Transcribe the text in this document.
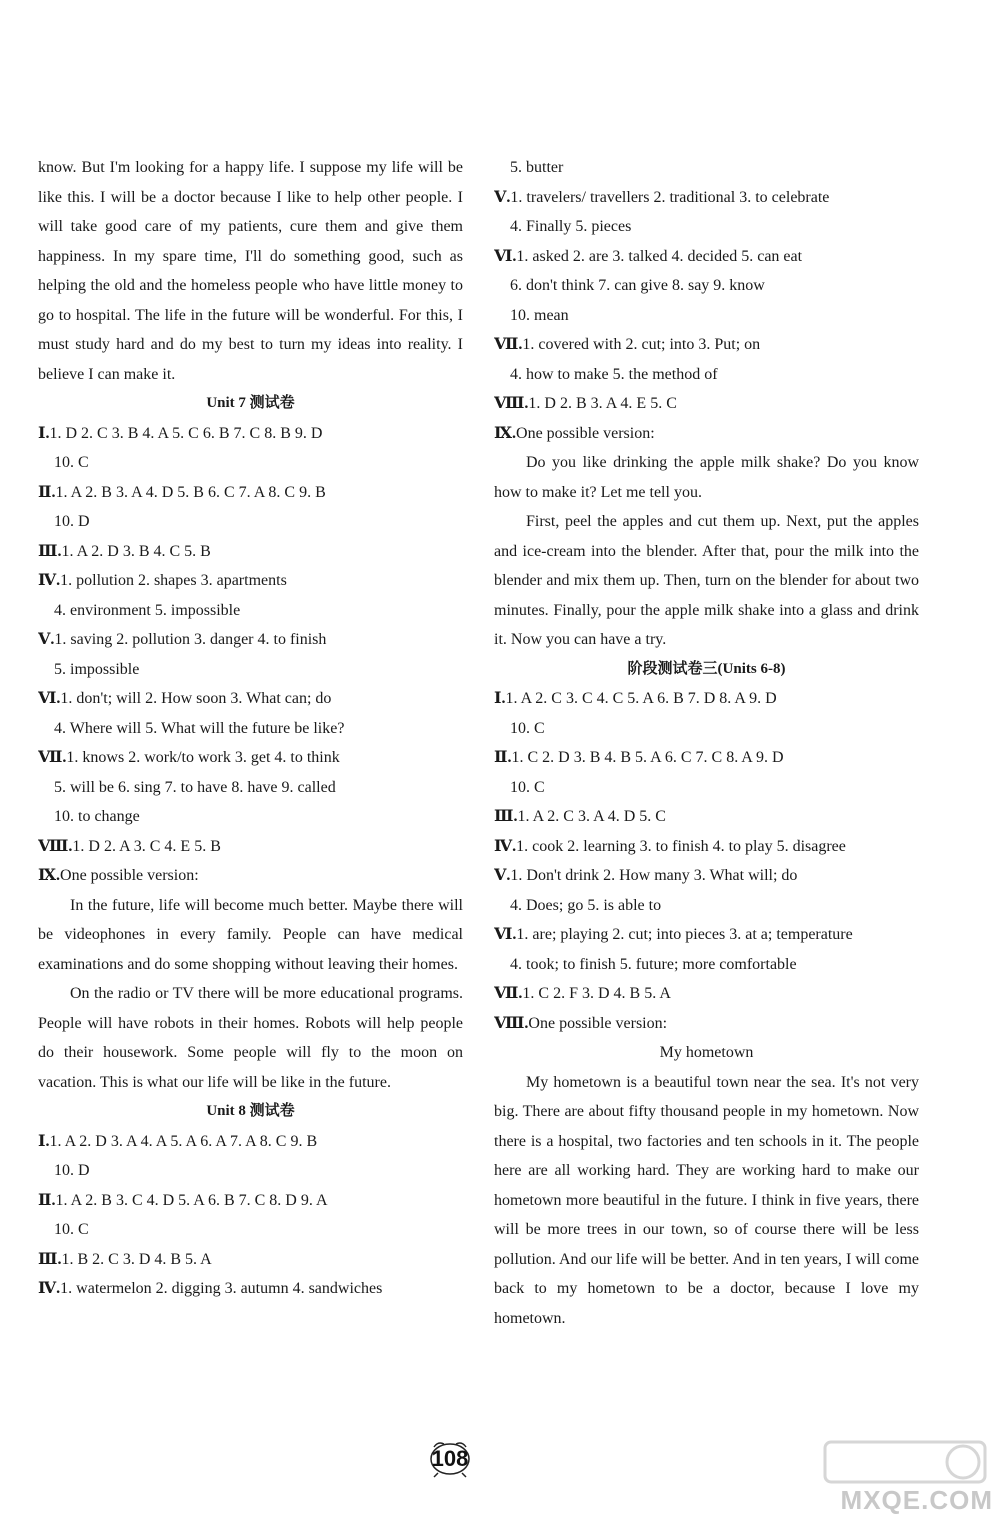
know. But I'm looking for a happy life. I suppose my life will be like this. I will be a doctor because I like to help other people. I will take good care of my patients, cure them and give them happiness. In my spare time, I'll do something good, such as helping the old and the homeless people who have little money to go to hospital. The life in the future will be wonderful. For this, I must study hard and do my best to turn my ideas into reality. I believe I can make it.
Unit 7 测试卷
Ⅰ.1. D 2. C 3. B 4. A 5. C 6. B 7. C 8. B 9. D
10. C
Ⅱ.1. A 2. B 3. A 4. D 5. B 6. C 7. A 8. C 9. B
10. D
Ⅲ.1. A 2. D 3. B 4. C 5. B
Ⅳ.1. pollution 2. shapes 3. apartments
4. environment 5. impossible
Ⅴ.1. saving 2. pollution 3. danger 4. to finish
5. impossible
Ⅵ.1. don't; will 2. How soon 3. What can; do
4. Where will 5. What will the future be like?
Ⅶ.1. knows 2. work/to work 3. get 4. to think
5. will be 6. sing 7. to have 8. have 9. called
10. to change
Ⅷ.1. D 2. A 3. C 4. E 5. B
Ⅸ.One possible version:
In the future, life will become much better. Maybe there will be videophones in every family. People can have medical examinations and do some shopping without leaving their homes.
On the radio or TV there will be more educational programs. People will have robots in their homes. Robots will help people do their housework. Some people will fly to the moon on vacation. This is what our life will be like in the future.
Unit 8 测试卷
Ⅰ.1. A 2. D 3. A 4. A 5. A 6. A 7. A 8. C 9. B
10. D
Ⅱ.1. A 2. B 3. C 4. D 5. A 6. B 7. C 8. D 9. A
10. C
Ⅲ.1. B 2. C 3. D 4. B 5. A
Ⅳ.1. watermelon 2. digging 3. autumn 4. sandwiches
5. butter
Ⅴ.1. travelers/ travellers 2. traditional 3. to celebrate
4. Finally 5. pieces
Ⅵ.1. asked 2. are 3. talked 4. decided 5. can eat
6. don't think 7. can give 8. say 9. know
10. mean
Ⅶ.1. covered with 2. cut; into 3. Put; on
4. how to make 5. the method of
Ⅷ.1. D 2. B 3. A 4. E 5. C
Ⅸ.One possible version:
Do you like drinking the apple milk shake? Do you know how to make it? Let me tell you.
First, peel the apples and cut them up. Next, put the apples and ice-cream into the blender. After that, pour the milk into the blender and mix them up. Then, turn on the blender for about two minutes. Finally, pour the apple milk shake into a glass and drink it. Now you can have a try.
阶段测试卷三(Units 6-8)
Ⅰ.1. A 2. C 3. C 4. C 5. A 6. B 7. D 8. A 9. D
10. C
Ⅱ.1. C 2. D 3. B 4. B 5. A 6. C 7. C 8. A 9. D
10. C
Ⅲ.1. A 2. C 3. A 4. D 5. C
Ⅳ.1. cook 2. learning 3. to finish 4. to play 5. disagree
Ⅴ.1. Don't drink 2. How many 3. What will; do
4. Does; go 5. is able to
Ⅵ.1. are; playing 2. cut; into pieces 3. at a; temperature
4. took; to finish 5. future; more comfortable
Ⅶ.1. C 2. F 3. D 4. B 5. A
Ⅷ.One possible version:
My hometown
My hometown is a beautiful town near the sea. It's not very big. There are about fifty thousand people in my hometown. Now there is a hospital, two factories and ten schools in it. The people here are all working hard. They are working hard to make our hometown more beautiful in the future. I think in five years, there will be more trees in our town, so of course there will be less pollution. And our life will be better. And in ten years, I will come back to my hometown to be a doctor, because I love my hometown.
108
MXQE.COM
